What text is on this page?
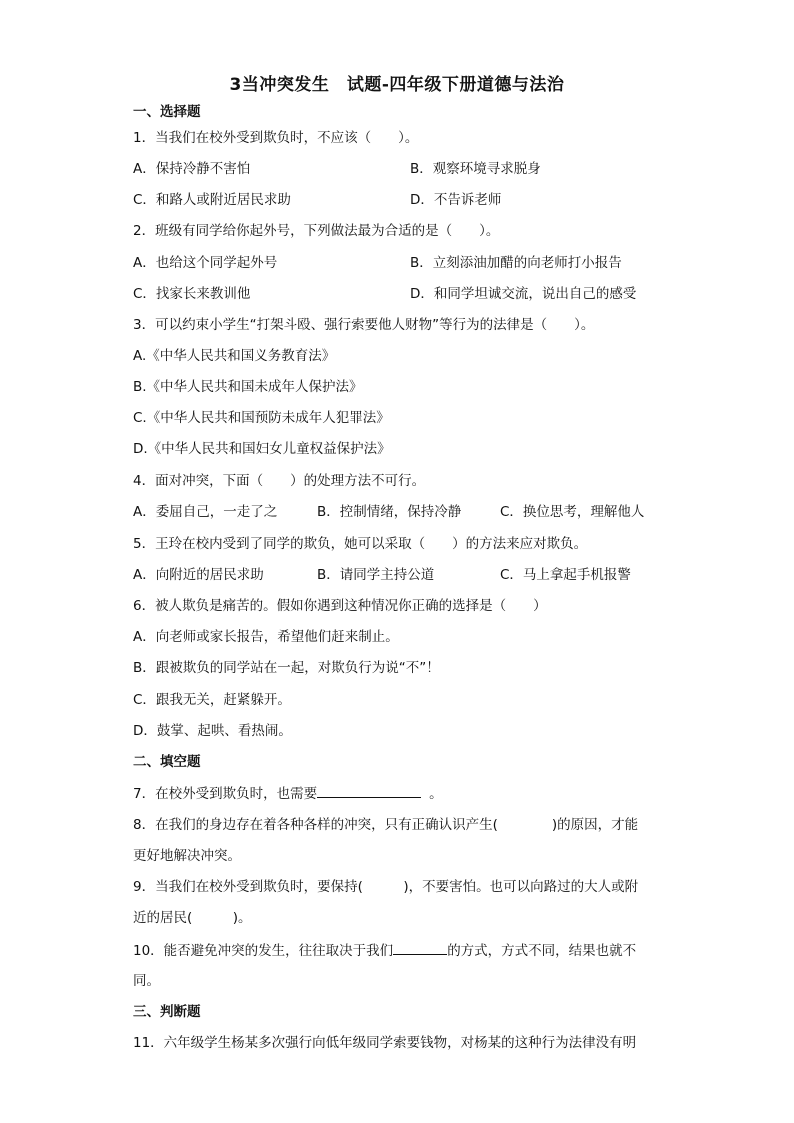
3当冲突发生　试题-四年级下册道德与法治
一、选择题
1．当我们在校外受到欺负时，不应该（　　）。
A．保持冷静不害怕	B．观察环境寻求脱身
C．和路人或附近居民求助	D．不告诉老师
2．班级有同学给你起外号，下列做法最为合适的是（　　）。
A．也给这个同学起外号	B．立刻添油加醋的向老师打小报告
C．找家长来教训他	D．和同学坦诚交流，说出自己的感受
3．可以约束小学生“打架斗殴、强行索要他人财物”等行为的法律是（　　）。
A.《中华人民共和国义务教育法》
B.《中华人民共和国未成年人保护法》
C.《中华人民共和国预防未成年人犯罪法》
D.《中华人民共和国妇女儿童权益保护法》
4．面对冲突，下面（　　）的处理方法不可行。
A．委屈自己，一走了之	B．控制情绪，保持冷静	C．换位思考，理解他人
5．王玲在校内受到了同学的欺负，她可以采取（　　）的方法来应对欺负。
A．向附近的居民求助	B．请同学主持公道	C．马上拿起手机报警
6．被人欺负是痛苦的。假如你遇到这种情况你正确的选择是（　　）
A．向老师或家长报告，希望他们赶来制止。
B．跟被欺负的同学站在一起，对欺负行为说“不”！
C．跟我无关，赶紧躲开。
D．鼓掌、起哄、看热闹。
二、填空题
7．在校外受到欺负时，也需要	。
8．在我们的身边存在着各种各样的冲突，只有正确认识产生(　　　　)的原因，才能
更好地解决冲突。
9．当我们在校外受到欺负时，要保持(　　　)，不要害怕。也可以向路过的大人或附
近的居民(　　　)。
10．能否避免冲突的发生，往往取决于我们	的方式，方式不同，结果也就不
同。
三、判断题
11．六年级学生杨某多次强行向低年级同学索要钱物，对杨某的这种行为法律没有明
